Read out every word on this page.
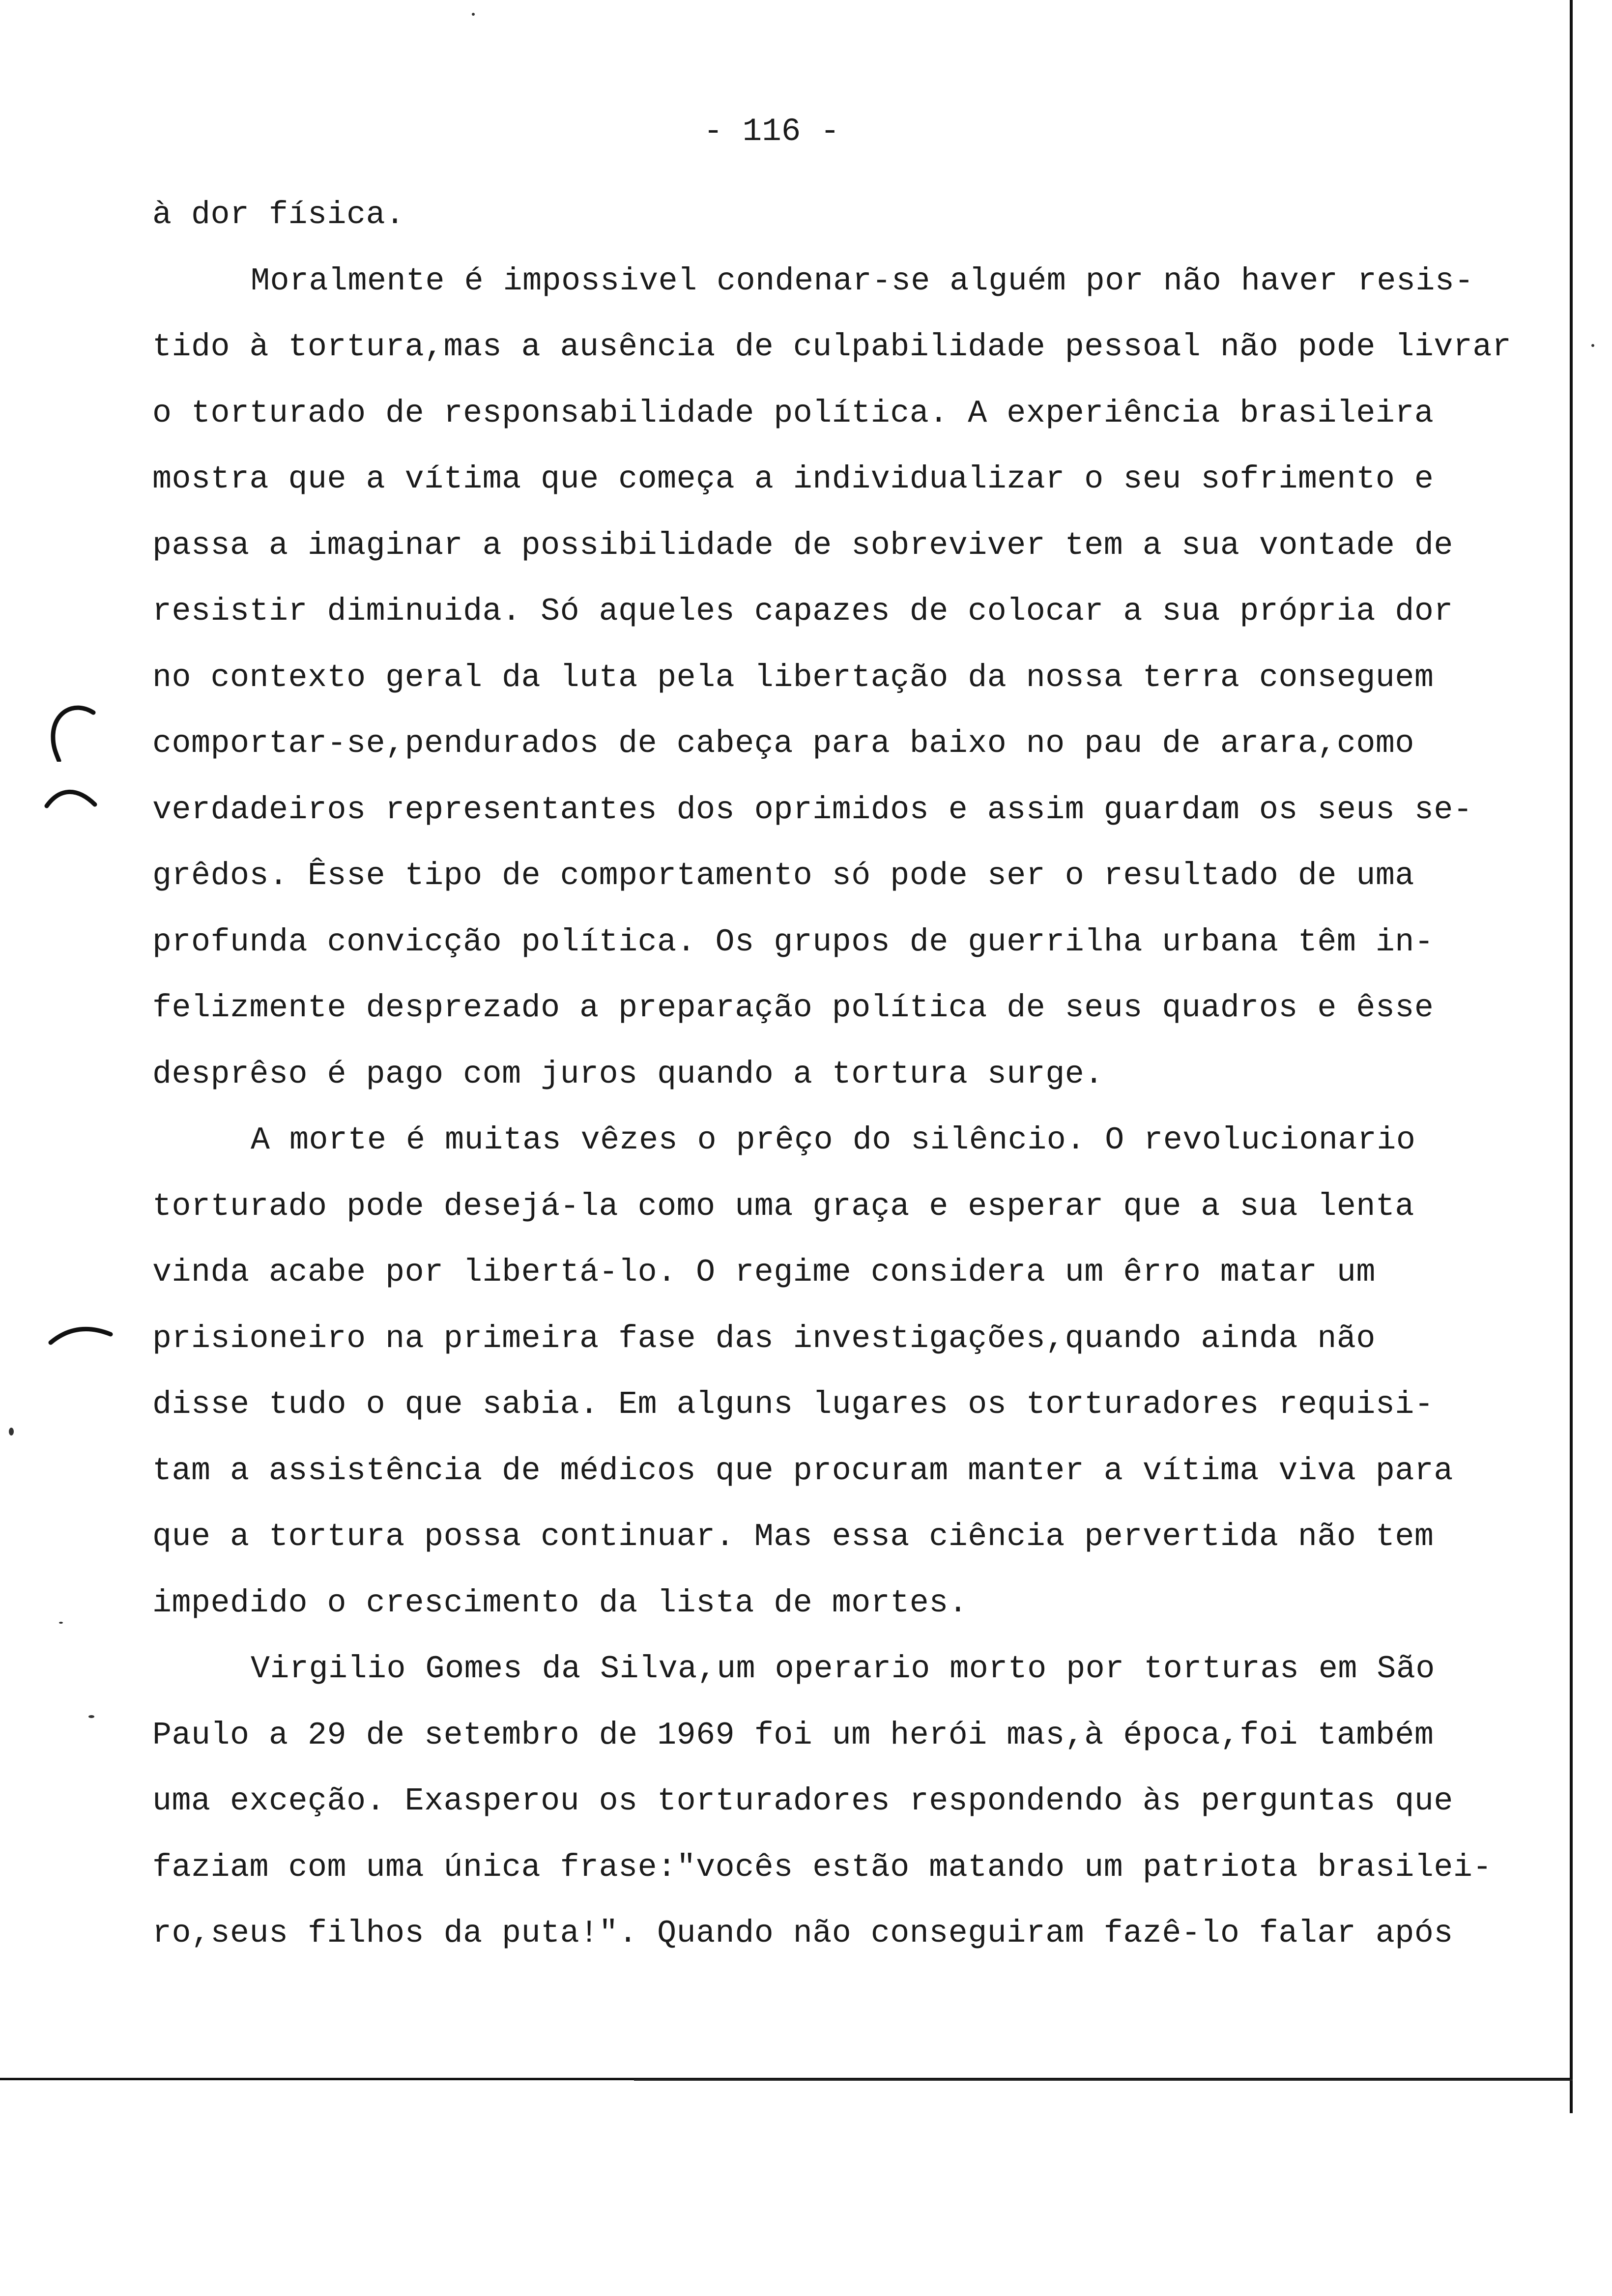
- 116 -
à dor física.
Moralmente é impossivel condenar-se alguém por não haver resis-
tido à tortura,mas a ausência de culpabilidade pessoal não pode livrar
o torturado de responsabilidade política. A experiência brasileira
mostra que a vítima que começa a individualizar o seu sofrimento e
passa a imaginar a possibilidade de sobreviver tem a sua vontade de
resistir diminuida. Só aqueles capazes de colocar a sua própria dor
no contexto geral da luta pela libertação da nossa terra conseguem
comportar-se,pendurados de cabeça para baixo no pau de arara,como
verdadeiros representantes dos oprimidos e assim guardam os seus se-
grêdos. Êsse tipo de comportamento só pode ser o resultado de uma
profunda convicção política. Os grupos de guerrilha urbana têm in-
felizmente desprezado a preparação política de seus quadros e êsse
desprêso é pago com juros quando a tortura surge.
A morte é muitas vêzes o prêço do silêncio. O revolucionario
torturado pode desejá-la como uma graça e esperar que a sua lenta
vinda acabe por libertá-lo. O regime considera um êrro matar um
prisioneiro na primeira fase das investigações,quando ainda não
disse tudo o que sabia. Em alguns lugares os torturadores requisi-
tam a assistência de médicos que procuram manter a vítima viva para
que a tortura possa continuar. Mas essa ciência pervertida não tem
impedido o crescimento da lista de mortes.
Virgilio Gomes da Silva,um operario morto por torturas em São
Paulo a 29 de setembro de 1969 foi um herói mas,à época,foi também
uma exceção. Exasperou os torturadores respondendo às perguntas que
faziam com uma única frase:"vocês estão matando um patriota brasilei-
ro,seus filhos da puta!". Quando não conseguiram fazê-lo falar após
